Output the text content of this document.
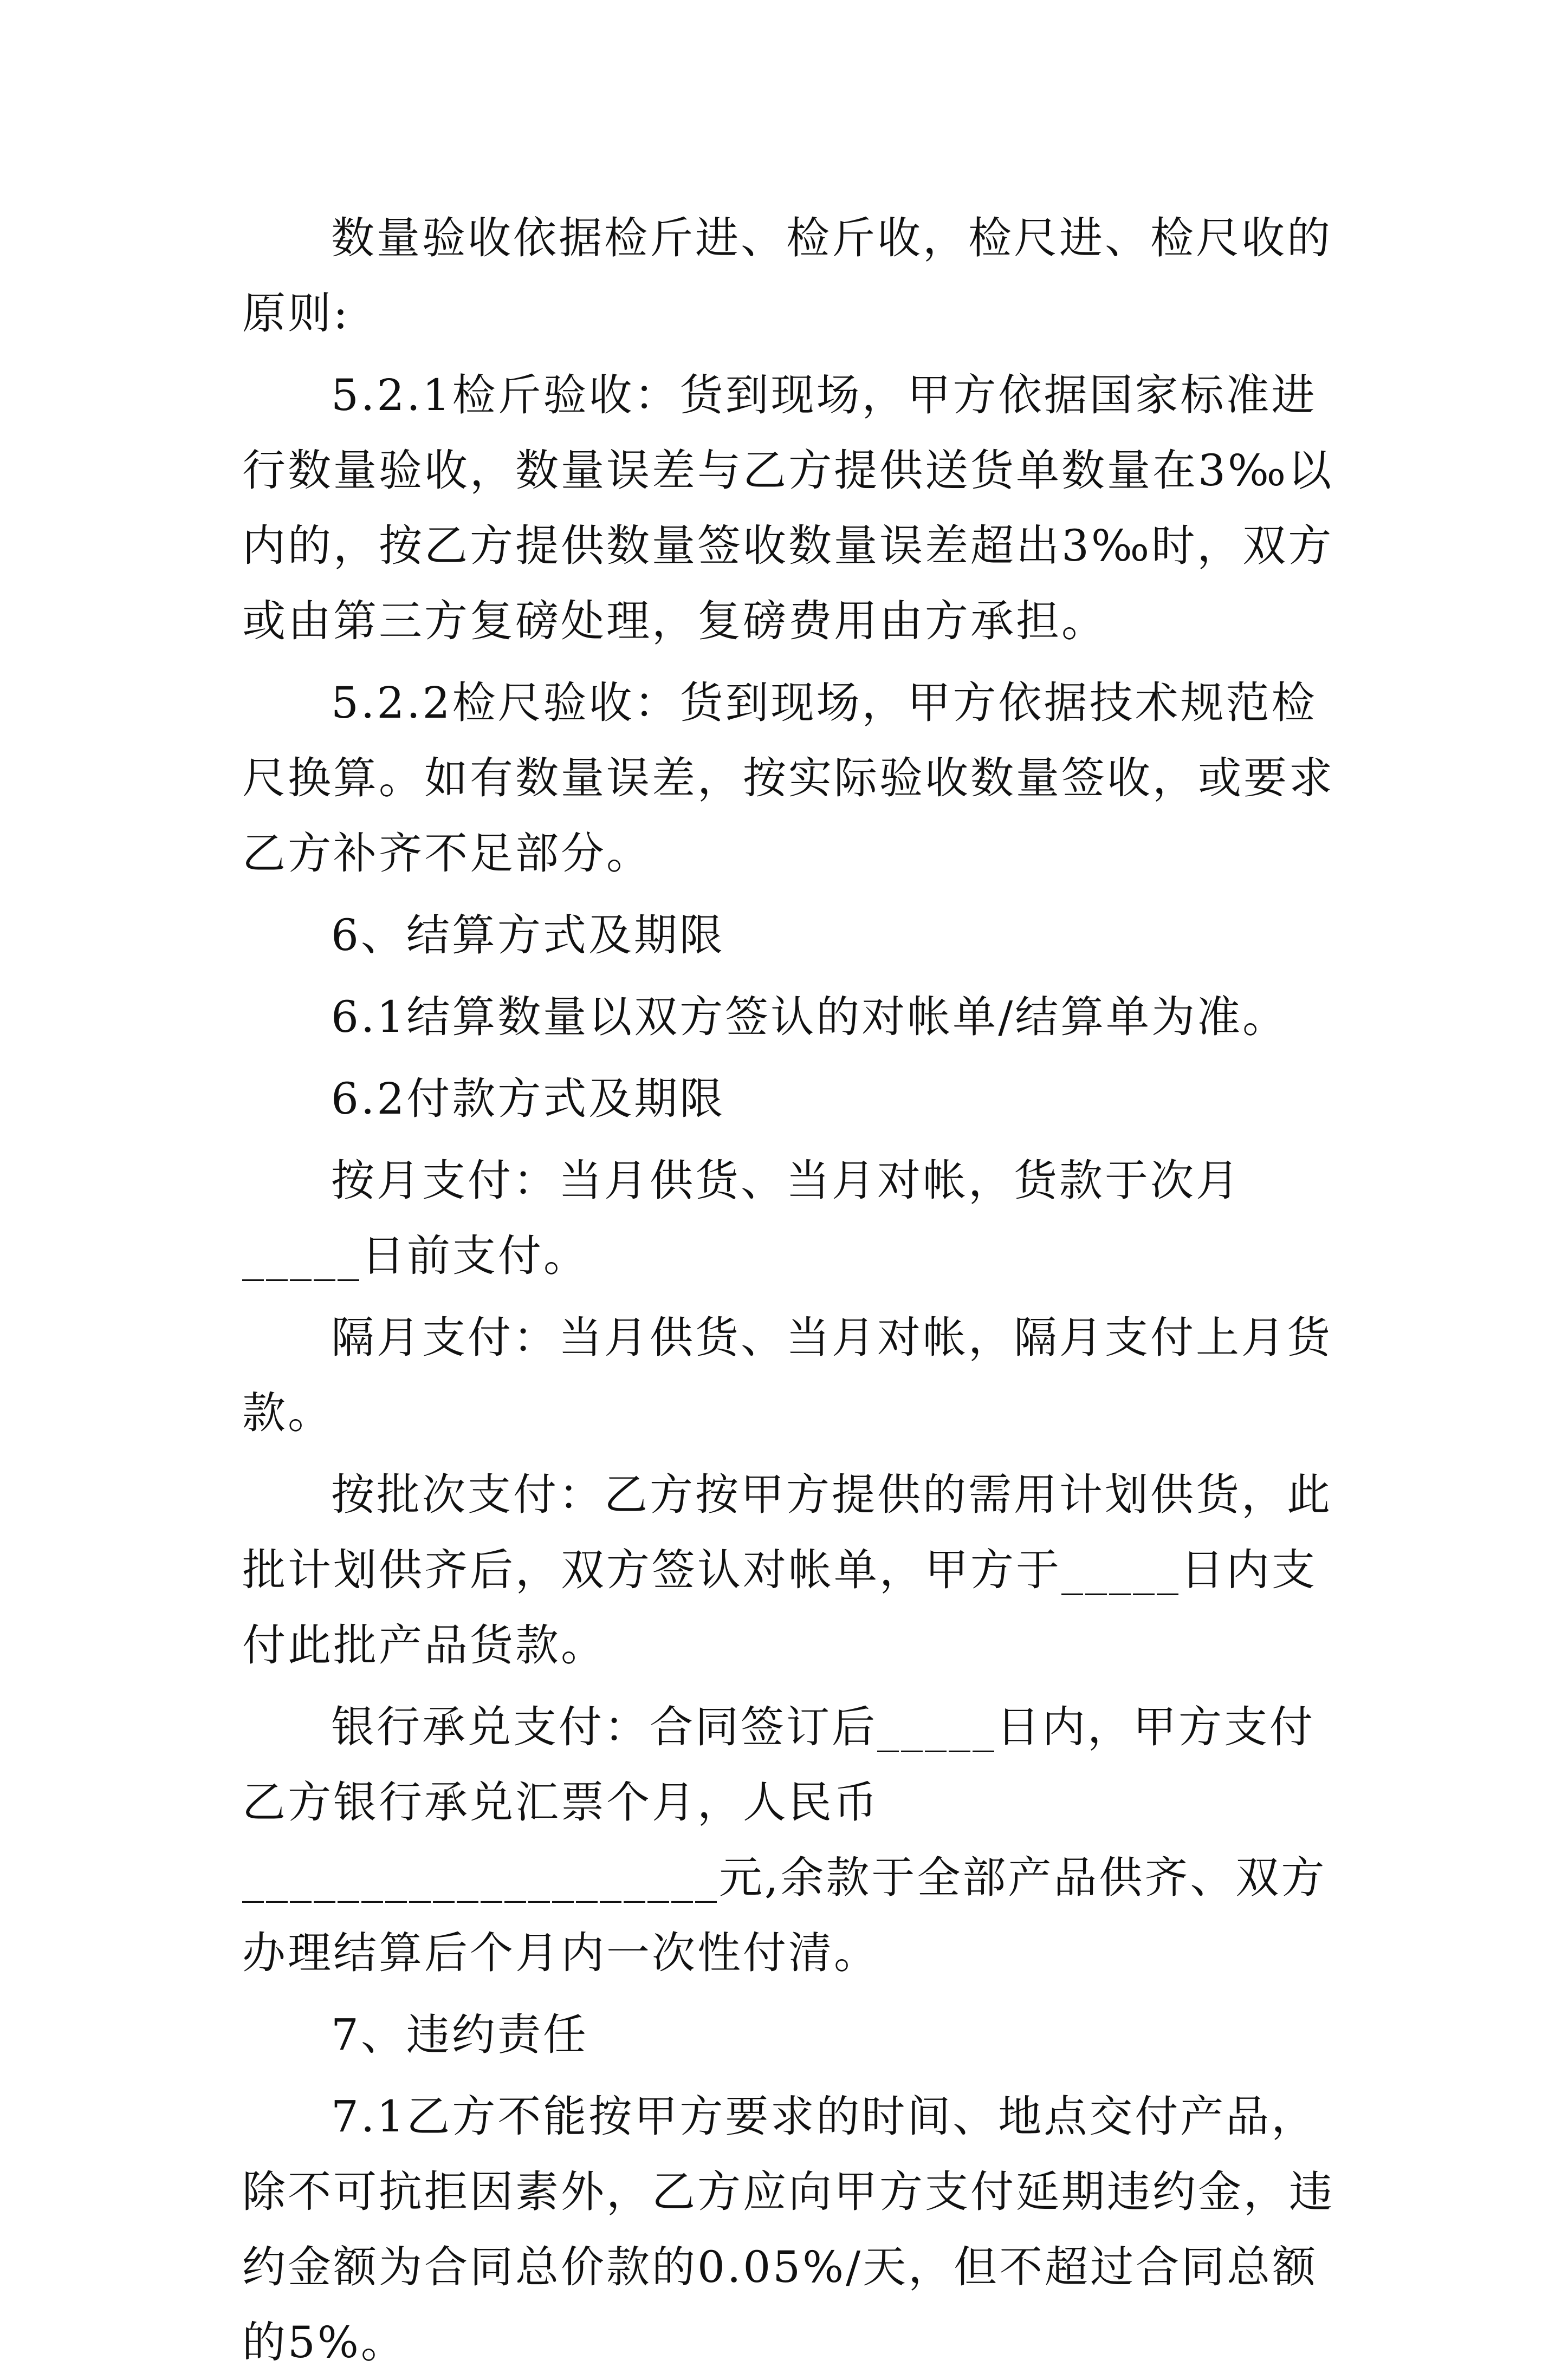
数量验收依据检斤进、检斤收，检尺进、检尺收的原则:

5.2.1检斤验收：货到现场，甲方依据国家标准进行数量验收，数量误差与乙方提供送货单数量在3‰以内的，按乙方提供数量签收数量误差超出3‰时，双方或由第三方复磅处理，复磅费用由方承担。

5.2.2检尺验收：货到现场，甲方依据技术规范检尺换算。如有数量误差，按实际验收数量签收，或要求乙方补齐不足部分。

6、结算方式及期限

6.1结算数量以双方签认的对帐单/结算单为准。

6.2付款方式及期限

按月支付：当月供货、当月对帐，货款于次月_____日前支付。

隔月支付：当月供货、当月对帐，隔月支付上月货款。

按批次支付：乙方按甲方提供的需用计划供货，此批计划供齐后，双方签认对帐单，甲方于_____日内支付此批产品货款。

银行承兑支付：合同签订后_____日内，甲方支付乙方银行承兑汇票个月，人民币____________________元,余款于全部产品供齐、双方办理结算后个月内一次性付清。

7、违约责任

7.1乙方不能按甲方要求的时间、地点交付产品，除不可抗拒因素外，乙方应向甲方支付延期违约金，违约金额为合同总价款的0.05%/天，但不超过合同总额的5%。
